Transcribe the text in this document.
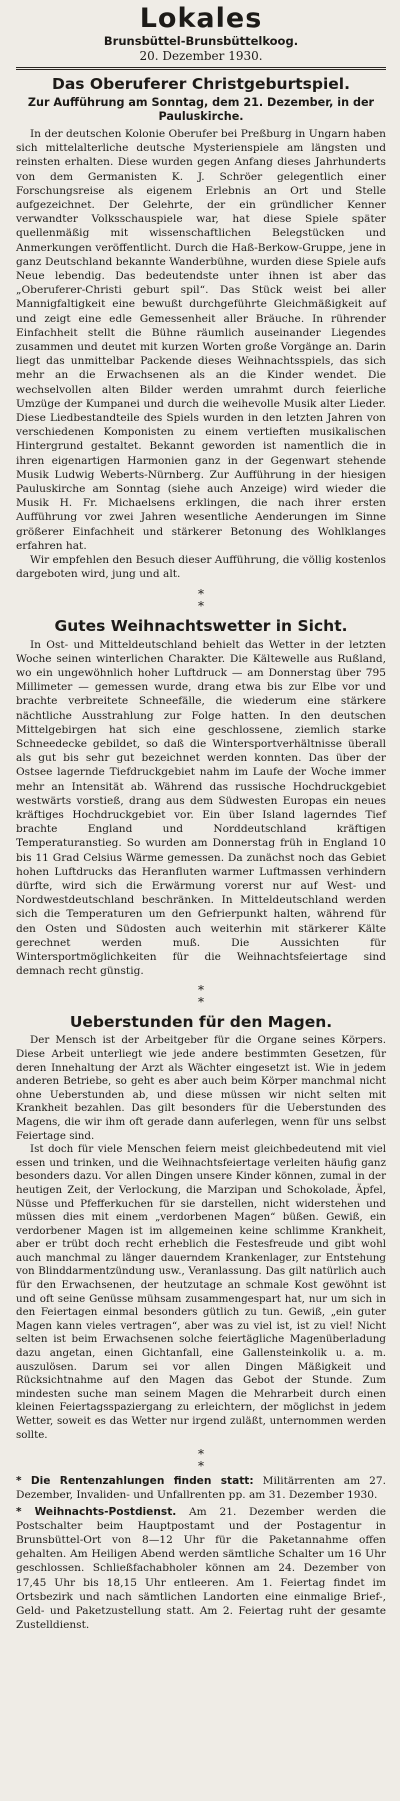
Lokales
Brunsbüttel-Brunsbüttelkoog.
20. Dezember 1930.
Das Oberuferer Christgeburtspiel.
Zur Aufführung am Sonntag, dem 21. Dezember, in der Pauluskirche.

In der deutschen Kolonie Oberufer bei Preßburg in Ungarn haben sich mittelalterliche deutsche Mysterienspiele am längsten und reinsten erhalten. Diese wurden gegen Anfang dieses Jahrhunderts von dem Germanisten K. J. Schröer gelegentlich einer Forschungsreise als eigenem Erlebnis an Ort und Stelle aufgezeichnet. Der Gelehrte, der ein gründlicher Kenner verwandter Volksschauspiele war, hat diese Spiele später quellenmäßig mit wissenschaftlichen Belegstücken und Anmerkungen veröffentlicht. Durch die Haß-Berkow-Gruppe, jene in ganz Deutschland bekannte Wanderbühne, wurden diese Spiele aufs Neue lebendig. Das bedeutendste unter ihnen ist aber das „Oberuferer-Christi geburt spil“. Das Stück weist bei aller Mannigfaltigkeit eine bewußt durchgeführte Gleichmäßigkeit auf und zeigt eine edle Gemessenheit aller Bräuche. In rührender Einfachheit stellt die Bühne räumlich auseinander Liegendes zusammen und deutet mit kurzen Worten große Vorgänge an. Darin liegt das unmittelbar Packende dieses Weihnachtsspiels, das sich mehr an die Erwachsenen als an die Kinder wendet. Die wechselvollen alten Bilder werden umrahmt durch feierliche Umzüge der Kumpanei und durch die weihevolle Musik alter Lieder. Diese Liedbestandteile des Spiels wurden in den letzten Jahren von verschiedenen Komponisten zu einem vertieften musikalischen Hintergrund gestaltet. Bekannt geworden ist namentlich die in ihren eigenartigen Harmonien ganz in der Gegenwart stehende Musik Ludwig Weberts-Nürnberg. Zur Aufführung in der hiesigen Pauluskirche am Sonntag (siehe auch Anzeige) wird wieder die Musik H. Fr. Michaelsens erklingen, die nach ihrer ersten Aufführung vor zwei Jahren wesentliche Aenderungen im Sinne größerer Einfachheit und stärkerer Betonung des Wohlklanges erfahren hat.

Wir empfehlen den Besuch dieser Aufführung, die völlig kostenlos dargeboten wird, jung und alt.

*
*
Gutes Weihnachtswetter in Sicht.

In Ost- und Mitteldeutschland behielt das Wetter in der letzten Woche seinen winterlichen Charakter. Die Kältewelle aus Rußland, wo ein ungewöhnlich hoher Luftdruck — am Donnerstag über 795 Millimeter — gemessen wurde, drang etwa bis zur Elbe vor und brachte verbreitete Schneefälle, die wiederum eine stärkere nächtliche Ausstrahlung zur Folge hatten. In den deutschen Mittelgebirgen hat sich eine geschlossene, ziemlich starke Schneedecke gebildet, so daß die Wintersportverhältnisse überall als gut bis sehr gut bezeichnet werden konnten. Das über der Ostsee lagernde Tiefdruckgebiet nahm im Laufe der Woche immer mehr an Intensität ab. Während das russische Hochdruckgebiet westwärts vorstieß, drang aus dem Südwesten Europas ein neues kräftiges Hochdruckgebiet vor. Ein über Island lagerndes Tief brachte England und Norddeutschland kräftigen Temperaturanstieg. So wurden am Donnerstag früh in England 10 bis 11 Grad Celsius Wärme gemessen. Da zunächst noch das Gebiet hohen Luftdrucks das Heranfluten warmer Luftmassen verhindern dürfte, wird sich die Erwärmung vorerst nur auf West- und Nordwestdeutschland beschränken. In Mitteldeutschland werden sich die Temperaturen um den Gefrierpunkt halten, während für den Osten und Südosten auch weiterhin mit stärkerer Kälte gerechnet werden muß. Die Aussichten für Wintersportmöglichkeiten für die Weihnachtsfeiertage sind demnach recht günstig.

*
*
Ueberstunden für den Magen.

Der Mensch ist der Arbeitgeber für die Organe seines Körpers. Diese Arbeit unterliegt wie jede andere bestimmten Gesetzen, für deren Innehaltung der Arzt als Wächter eingesetzt ist. Wie in jedem anderen Betriebe, so geht es aber auch beim Körper manchmal nicht ohne Ueberstunden ab, und diese müssen wir nicht selten mit Krankheit bezahlen. Das gilt besonders für die Ueberstunden des Magens, die wir ihm oft gerade dann auferlegen, wenn für uns selbst Feiertage sind.

Ist doch für viele Menschen feiern meist gleichbedeutend mit viel essen und trinken, und die Weihnachtsfeiertage verleiten häufig ganz besonders dazu. Vor allen Dingen unsere Kinder können, zumal in der heutigen Zeit, der Verlockung, die Marzipan und Schokolade, Äpfel, Nüsse und Pfefferkuchen für sie darstellen, nicht widerstehen und müssen dies mit einem „verdorbenen Magen“ büßen. Gewiß, ein verdorbener Magen ist im allgemeinen keine schlimme Krankheit, aber er trübt doch recht erheblich die Festesfreude und gibt wohl auch manchmal zu länger dauerndem Krankenlager, zur Entstehung von Blinddarmentzündung usw., Veranlassung. Das gilt natürlich auch für den Erwachsenen, der heutzutage an schmale Kost gewöhnt ist und oft seine Genüsse mühsam zusammengespart hat, nur um sich in den Feiertagen einmal besonders gütlich zu tun. Gewiß, „ein guter Magen kann vieles vertragen“, aber was zu viel ist, ist zu viel! Nicht selten ist beim Erwachsenen solche feiertägliche Magenüberladung dazu angetan, einen Gichtanfall, eine Gallensteinkolik u. a. m. auszulösen. Darum sei vor allen Dingen Mäßigkeit und Rücksichtnahme auf den Magen das Gebot der Stunde. Zum mindesten suche man seinem Magen die Mehrarbeit durch einen kleinen Feiertagsspaziergang zu erleichtern, der möglichst in jedem Wetter, soweit es das Wetter nur irgend zuläßt, unternommen werden sollte.

*
*
* Die Rentenzahlungen finden statt: Militärrenten am 27. Dezember, Invaliden- und Unfallrenten pp. am 31. Dezember 1930.
* Weihnachts-Postdienst. Am 21. Dezember werden die Postschalter beim Hauptpostamt und der Postagentur in Brunsbüttel-Ort von 8—12 Uhr für die Paketannahme offen gehalten. Am Heiligen Abend werden sämtliche Schalter um 16 Uhr geschlossen. Schließfachabholer können am 24. Dezember von 17,45 Uhr bis 18,15 Uhr entleeren. Am 1. Feiertag findet im Ortsbezirk und nach sämtlichen Landorten eine einmalige Brief-, Geld- und Paketzustellung statt. Am 2. Feiertag ruht der gesamte Zustelldienst.
